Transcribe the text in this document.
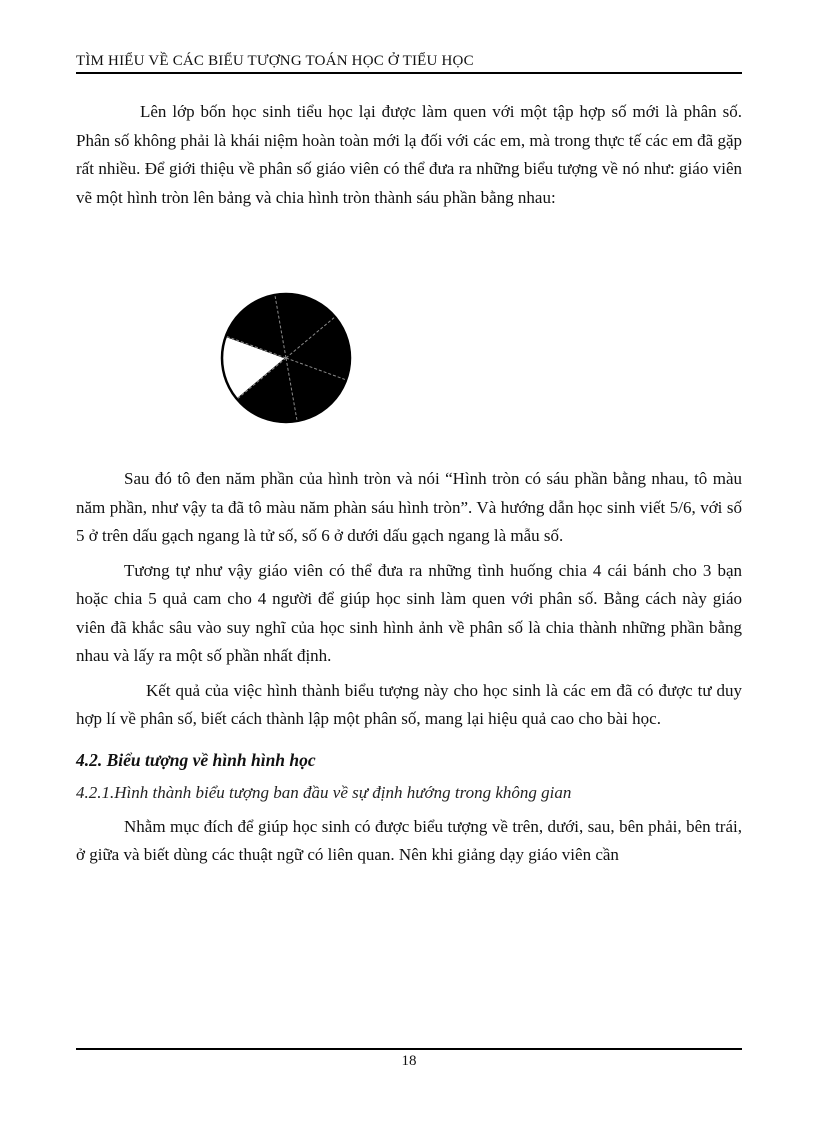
TÌM HIỂU VỀ CÁC BIỂU TƯỢNG TOÁN HỌC Ở TIỂU HỌC

Lên lớp bốn học sinh tiểu học lại được làm quen với một tập hợp số mới là phân số. Phân số không phải là khái niệm hoàn toàn mới lạ đối với các em, mà trong thực tế các em đã gặp rất nhiều. Để giới thiệu về phân số giáo viên có thể đưa ra những biểu tượng về nó như: giáo viên vẽ một hình tròn lên bảng và chia hình tròn thành sáu phần bằng nhau:

Sau đó tô đen năm phần của hình tròn và nói “Hình tròn có sáu phần bằng nhau, tô màu năm phần, như vậy ta đã tô màu năm phàn sáu hình tròn”. Và hướng dẫn học sinh viết 5/6, với số 5 ở trên dấu gạch ngang là tử số, số 6 ở dưới dấu gạch ngang là mẫu số.

Tương tự như vậy giáo viên có thể đưa ra những tình huống chia 4 cái bánh cho 3 bạn hoặc chia 5 quả cam cho 4 người để giúp học sinh làm quen với phân số. Bằng cách này giáo viên đã khắc sâu vào suy nghĩ của học sinh hình ảnh về phân số là chia thành những phần bằng nhau và lấy ra một số phần nhất định.

Kết quả của việc hình thành biểu tượng này cho học sinh là các em đã có được tư duy hợp lí về phân số, biết cách thành lập một phân số, mang lại hiệu quả cao cho bài học.

4.2. Biểu tượng về hình hình học

4.2.1.Hình thành biểu tượng ban đầu về sự định hướng trong không gian

Nhằm mục đích để giúp học sinh có được biểu tượng về trên, dưới, sau, bên phải, bên trái, ở giữa và biết dùng các thuật ngữ có liên quan. Nên khi giảng dạy giáo viên cần

18
